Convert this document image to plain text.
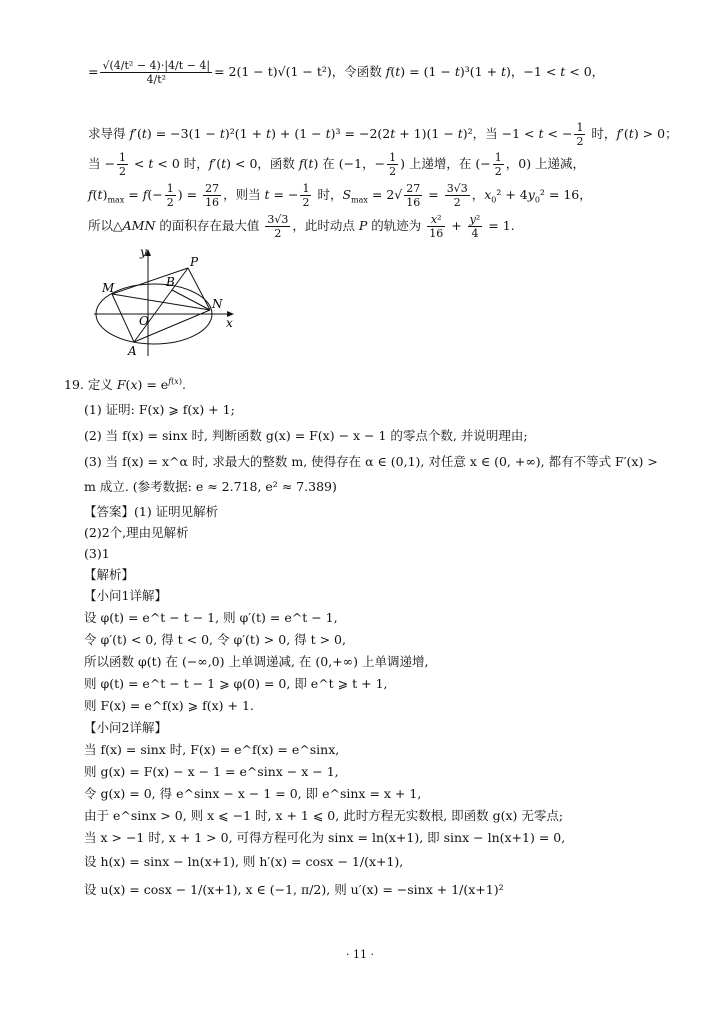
= $\frac{\text{√(4/t² − 4)·|4/t − 4|}}{\text{4/t²}} = 2(1 - t)√(1 - t^2)$，令函数 f(t) = (1 − t)³(1 + t)，−1 < t < 0，
求导得 f′(t) = −3(1 − t)²(1 + t) + (1 − t)³ = −2(2t + 1)(1 − t)²，当 −1 < t < − $\frac{1}{2}$ 时，f′(t) > 0；
当 − $\frac{1}{2} < t < 0$ 时，f′(t) < 0，函数 f(t) 在 (−1，− $\frac{1}{2}$ ) 上递增，在 (− $\frac{1}{2}$ ，0) 上递减，
$f(t)_{max} = f(- \frac{1}{2}$ ) = $\frac{27}{16}$ ，则当 t = − $\frac{1}{2}$ 时，$S_{max} = 2√ \frac{27}{16} = \frac{3√3}{2}$ ，$x_0^2 + 4y_0^2 = 16$，
所以△AMN 的面积存在最大值 $\frac{3√3}{2}$ ，此时动点 P 的轨迹为 $\frac{\text{x²}}{16} + \frac{\text{y²}}{4} = 1$.
y
x
O
M	B
P
N
A
19. 定义 $F(x) = e^{f(x)}$.
(1) 证明: F(x) ⩾ f(x) + 1;
(2) 当 f(x) = sinx 时, 判断函数 g(x) = F(x) − x − 1 的零点个数, 并说明理由;
(3) 当 f(x) = x^α 时, 求最大的整数 m, 使得存在 α ∈ (0,1), 对任意 x ∈ (0, +∞), 都有不等式 F′(x) >
m 成立. (参考数据: e ≈ 2.718, e² ≈ 7.389)
【答案】(1) 证明见解析
(2)2个,理由见解析
(3)1
【解析】
【小问1详解】
设 φ(t) = e^t − t − 1, 则 φ′(t) = e^t − 1,
令 φ′(t) < 0, 得 t < 0, 令 φ′(t) > 0, 得 t > 0,
所以函数 φ(t) 在 (−∞,0) 上单调递减, 在 (0,+∞) 上单调递增,
则 φ(t) = e^t − t − 1 ⩾ φ(0) = 0, 即 e^t ⩾ t + 1,
则 F(x) = e^f(x) ⩾ f(x) + 1.
【小问2详解】
当 f(x) = sinx 时, F(x) = e^f(x) = e^sinx,
则 g(x) = F(x) − x − 1 = e^sinx − x − 1,
令 g(x) = 0, 得 e^sinx − x − 1 = 0, 即 e^sinx = x + 1,
由于 e^sinx > 0, 则 x ⩽ −1 时, x + 1 ⩽ 0, 此时方程无实数根, 即函数 g(x) 无零点;
当 x > −1 时, x + 1 > 0, 可得方程可化为 sinx = ln(x+1), 即 sinx − ln(x+1) = 0,
设 h(x) = sinx − ln(x+1), 则 h′(x) = cosx − 1/(x+1),
设 u(x) = cosx − 1/(x+1), x ∈ (−1, π/2), 则 u′(x) = −sinx + 1/(x+1)²
· 11 ·
